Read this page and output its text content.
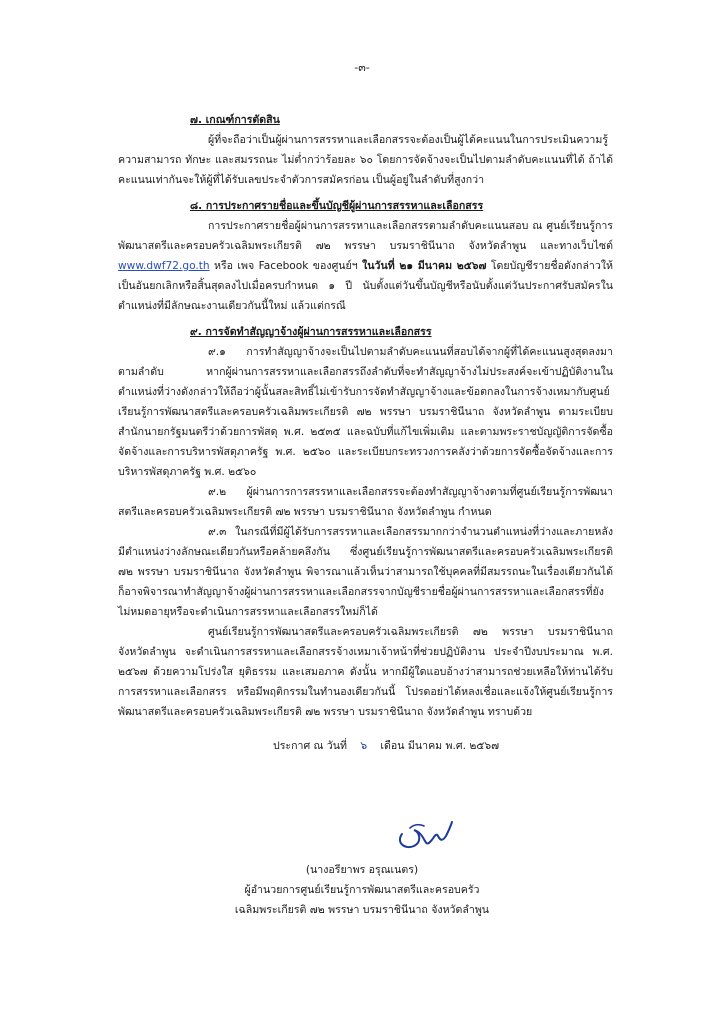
-๓-

๗. เกณฑ์การตัดสิน

ผู้ที่จะถือว่าเป็นผู้ผ่านการสรรหาและเลือกสรรจะต้องเป็นผู้ได้คะแนนในการประเมินความรู้ความสามารถ ทักษะ และสมรรถนะ ไม่ต่ำกว่าร้อยละ ๖๐ โดยการจัดจ้างจะเป็นไปตามลำดับคะแนนที่ได้ ถ้าได้คะแนนเท่ากันจะให้ผู้ที่ได้รับเลขประจำตัวการสมัครก่อน เป็นผู้อยู่ในลำดับที่สูงกว่า

๘. การประกาศรายชื่อและขึ้นบัญชีผู้ผ่านการสรรหาและเลือกสรร

การประกาศรายชื่อผู้ผ่านการสรรหาและเลือกสรรตามลำดับคะแนนสอบ ณ ศูนย์เรียนรู้การพัฒนาสตรีและครอบครัวเฉลิมพระเกียรติ ๗๒ พรรษา บรมราชินีนาถ จังหวัดลำพูน และทางเว็บไซต์ www.dwf72.go.th หรือ เพจ Facebook ของศูนย์ฯ ในวันที่ ๒๑ มีนาคม ๒๕๖๗ โดยบัญชีรายชื่อดังกล่าวให้เป็นอันยกเลิกหรือสิ้นสุดลงไปเมื่อครบกำหนด ๑ ปี นับตั้งแต่วันขึ้นบัญชีหรือนับตั้งแต่วันประกาศรับสมัครในตำแหน่งที่มีลักษณะงานเดียวกันนี้ใหม่ แล้วแต่กรณี

๙. การจัดทำสัญญาจ้างผู้ผ่านการสรรหาและเลือกสรร

๙.๑ การทำสัญญาจ้างจะเป็นไปตามลำดับคะแนนที่สอบได้จากผู้ที่ได้คะแนนสูงสุดลงมาตามลำดับ หากผู้ผ่านการสรรหาและเลือกสรรถึงลำดับที่จะทำสัญญาจ้างไม่ประสงค์จะเข้าปฏิบัติงานในตำแหน่งที่ว่างดังกล่าวให้ถือว่าผู้นั้นสละสิทธิ์ไม่เข้ารับการจัดทำสัญญาจ้างและข้อตกลงในการจ้างเหมากับศูนย์เรียนรู้การพัฒนาสตรีและครอบครัวเฉลิมพระเกียรติ ๗๒ พรรษา บรมราชินีนาถ จังหวัดลำพูน ตามระเบียบสำนักนายกรัฐมนตรีว่าด้วยการพัสดุ พ.ศ. ๒๕๓๕ และฉบับที่แก้ไขเพิ่มเติม และตามพระราชบัญญัติการจัดซื้อจัดจ้างและการบริหารพัสดุภาครัฐ พ.ศ. ๒๕๖๐ และระเบียบกระทรวงการคลังว่าด้วยการจัดซื้อจัดจ้างและการบริหารพัสดุภาครัฐ พ.ศ. ๒๕๖๐

๙.๒ ผู้ผ่านการการสรรหาและเลือกสรรจะต้องทำสัญญาจ้างตามที่ศูนย์เรียนรู้การพัฒนาสตรีและครอบครัวเฉลิมพระเกียรติ ๗๒ พรรษา บรมราชินีนาถ จังหวัดลำพูน กำหนด

๙.๓ ในกรณีที่มีผู้ได้รับการสรรหาและเลือกสรรมากกว่าจำนวนตำแหน่งที่ว่างและภายหลังมีตำแหน่งว่างลักษณะเดียวกันหรือคล้ายคลึงกัน ซึ่งศูนย์เรียนรู้การพัฒนาสตรีและครอบครัวเฉลิมพระเกียรติ ๗๒ พรรษา บรมราชินีนาถ จังหวัดลำพูน พิจารณาแล้วเห็นว่าสามารถใช้บุคคลที่มีสมรรถนะในเรื่องเดียวกันได้ ก็อาจพิจารณาทำสัญญาจ้างผู้ผ่านการสรรหาและเลือกสรรจากบัญชีรายชื่อผู้ผ่านการสรรหาและเลือกสรรที่ยังไม่หมดอายุหรือจะดำเนินการสรรหาและเลือกสรรใหม่ก็ได้

ศูนย์เรียนรู้การพัฒนาสตรีและครอบครัวเฉลิมพระเกียรติ ๗๒ พรรษา บรมราชินีนาถ จังหวัดลำพูน จะดำเนินการสรรหาและเลือกสรรจ้างเหมาเจ้าหน้าที่ช่วยปฏิบัติงาน ประจำปีงบประมาณ พ.ศ. ๒๕๖๗ ด้วยความโปร่งใส ยุติธรรม และเสมอภาค ดังนั้น หากมีผู้ใดแอบอ้างว่าสามารถช่วยเหลือให้ท่านได้รับการสรรหาและเลือกสรร หรือมีพฤติกรรมในทำนองเดียวกันนี้ โปรดอย่าได้หลงเชื่อและแจ้งให้ศูนย์เรียนรู้การพัฒนาสตรีและครอบครัวเฉลิมพระเกียรติ ๗๒ พรรษา บรมราชินีนาถ จังหวัดลำพูน ทราบด้วย

ประกาศ ณ วันที่ ๖ เดือน มีนาคม พ.ศ. ๒๕๖๗
(นางอรียาพร อรุณเนตร)
ผู้อำนวยการศูนย์เรียนรู้การพัฒนาสตรีและครอบครัว
เฉลิมพระเกียรติ ๗๒ พรรษา บรมราชินีนาถ จังหวัดลำพูน
